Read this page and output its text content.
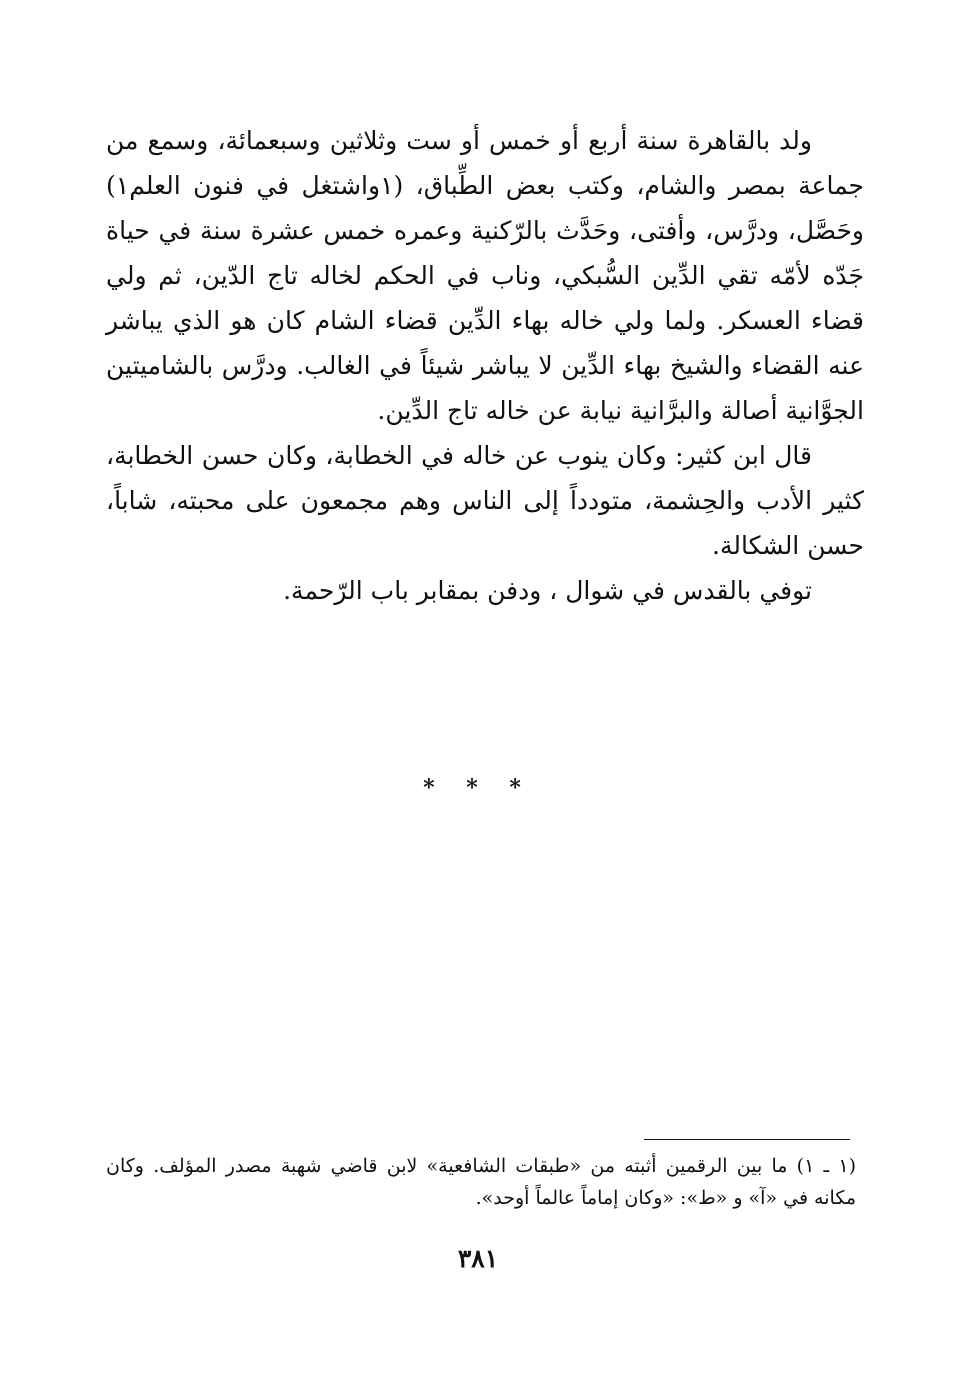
ولد بالقاهرة سنة أربع أو خمس أو ست وثلاثين وسبعمائة، وسمع من جماعة بمصر والشام، وكتب بعض الطِّباق، (١واشتغل في فنون العلم١) وحَصَّل، ودرَّس، وأفتى، وحَدَّث بالرّكنية وعمره خمس عشرة سنة في حياة جَدّه لأمّه تقي الدِّين السُّبكي، وناب في الحكم لخاله تاج الدّين، ثم ولي قضاء العسكر. ولما ولي خاله بهاء الدِّين قضاء الشام كان هو الذي يباشر عنه القضاء والشيخ بهاء الدِّين لا يباشر شيئاً في الغالب. ودرَّس بالشاميتين الجوَّانية أصالة والبرَّانية نيابة عن خاله تاج الدِّين.

قال ابن كثير: وكان ينوب عن خاله في الخطابة، وكان حسن الخطابة، كثير الأدب والحِشمة، متودداً إلى الناس وهم مجمعون على محبته، شاباً، حسن الشكالة.

توفي بالقدس في شوال ، ودفن بمقابر باب الرّحمة.

* * *

(١ ـ ١) ما بين الرقمين أثبته من «طبقات الشافعية» لابن قاضي شهبة مصدر المؤلف. وكان مكانه في «آ» و «ط»: «وكان إماماً عالماً أوحد».

٣٨١
